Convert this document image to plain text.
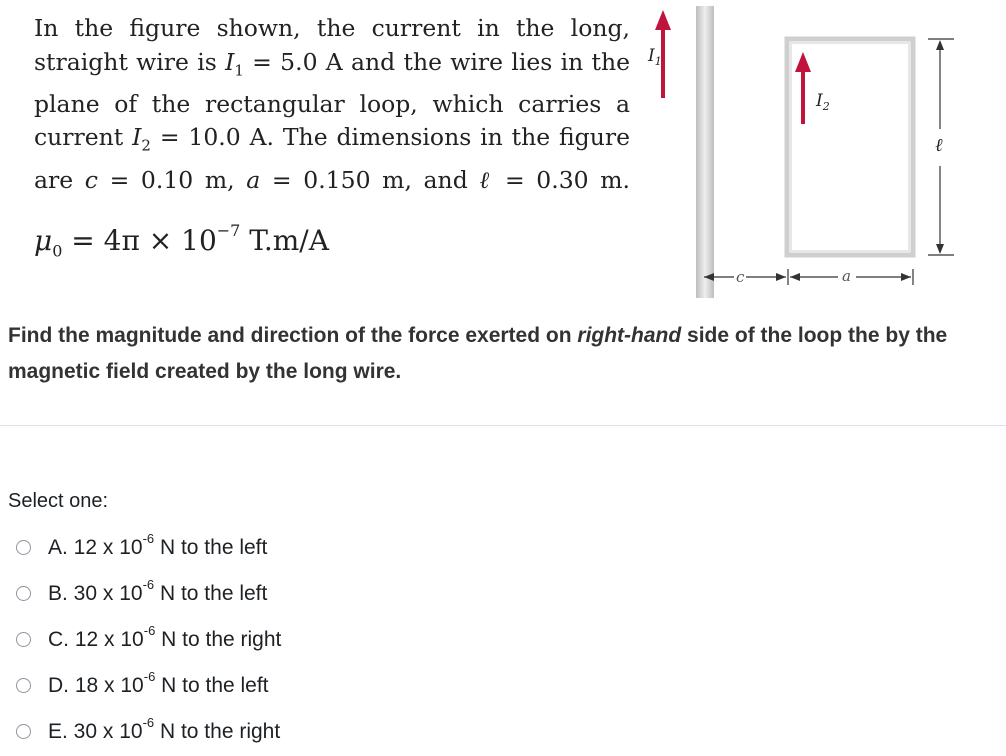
In the figure shown, the current in the long,
straight wire is $I_1 = 5.0$ A and the wire lies in the
plane of the rectangular loop, which carries a
current $I_2 = 10.0$ A. The dimensions in the figure
are c = 0.10 m, a = 0.150 m, and ℓ = 0.30 m.

$\mu_0 = 4\pi \times 10^{-7}$ T.m/A

$I_1$
$I_2$
ℓ
c	a

Find the magnitude and direction of the force exerted on right-hand side of the loop the by the magnetic field created by the long wire.

Select one:

A. 12 x $10^{-6}$ N to the left
B. 30 x $10^{-6}$ N to the left
C. 12 x $10^{-6}$ N to the right
D. 18 x $10^{-6}$ N to the left
E. 30 x $10^{-6}$ N to the right
